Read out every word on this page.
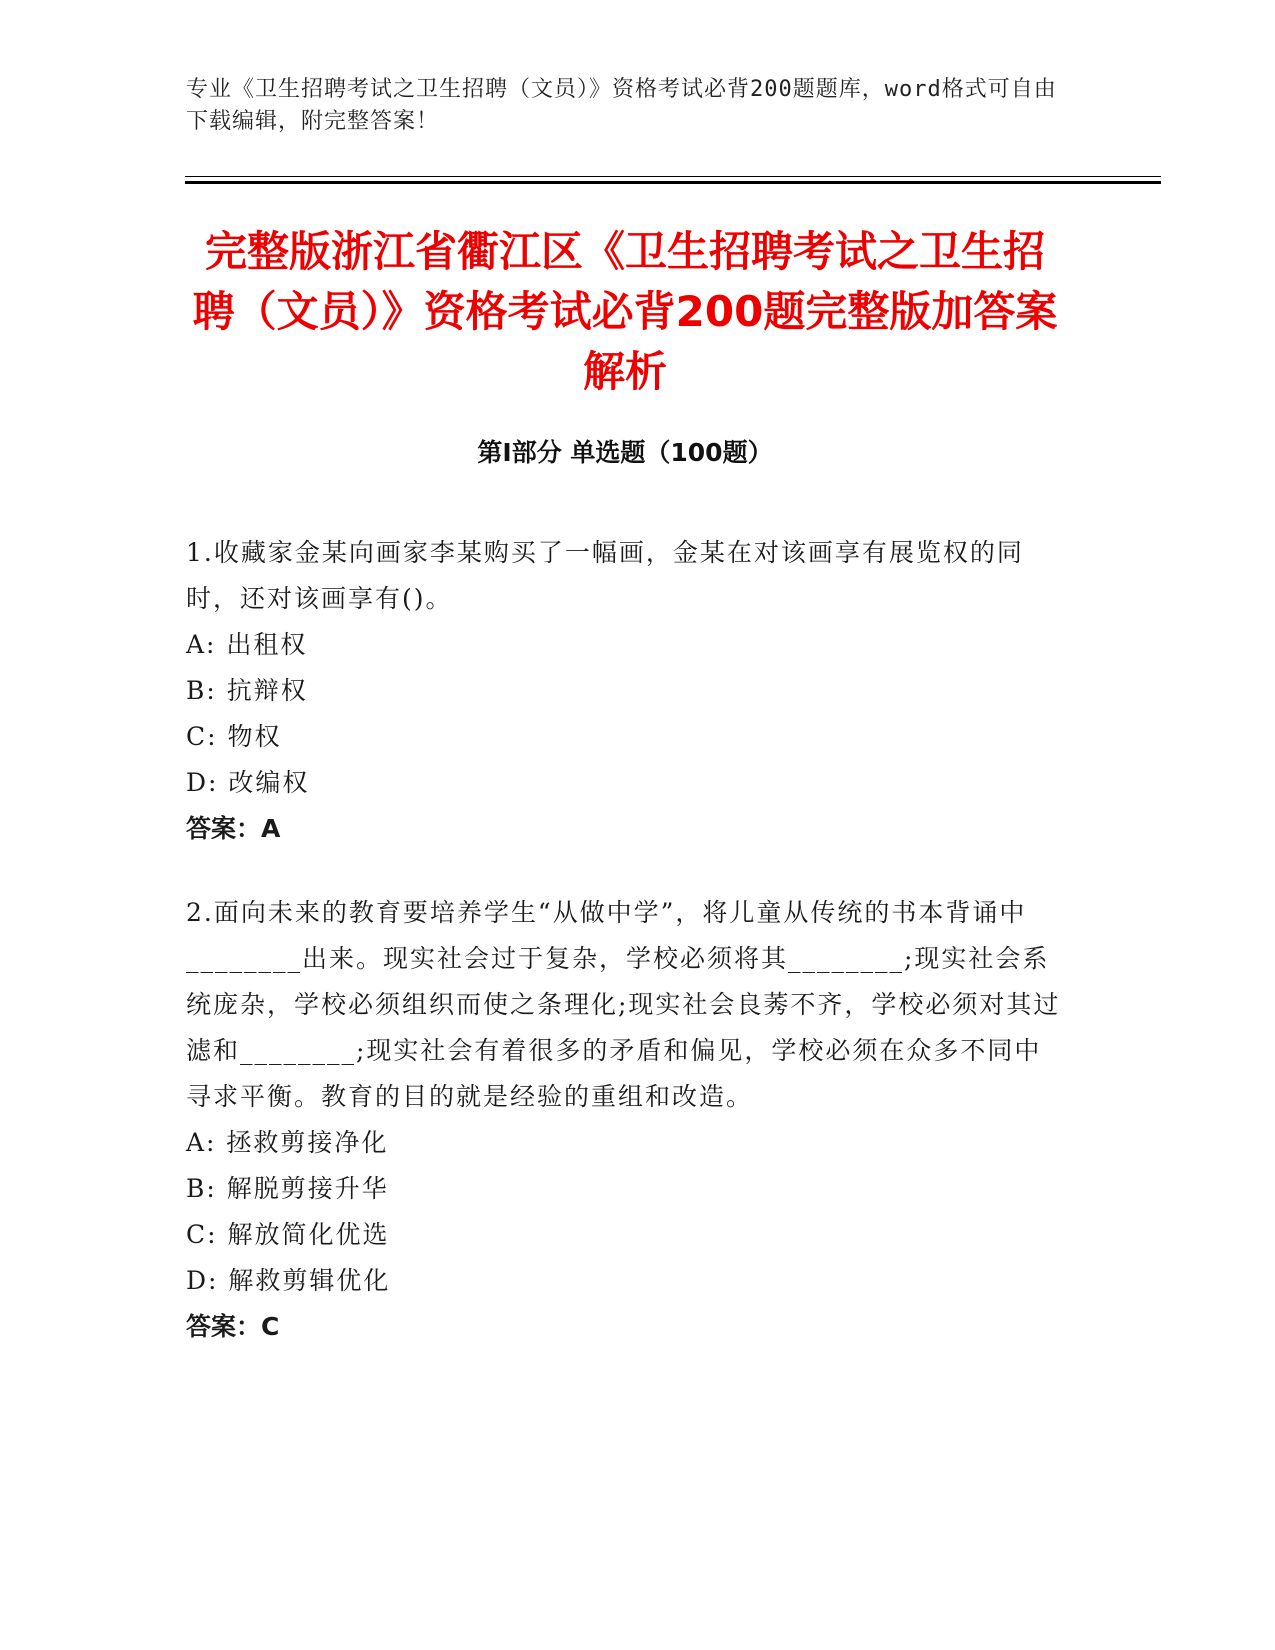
专业《卫生招聘考试之卫生招聘（文员）》资格考试必背200题题库，word格式可自由下载编辑，附完整答案！
完整版浙江省衢江区《卫生招聘考试之卫生招聘（文员）》资格考试必背200题完整版加答案解析
第Ⅰ部分 单选题（100题）

1.收藏家金某向画家李某购买了一幅画，金某在对该画享有展览权的同时，还对该画享有()。

A: 出租权

B: 抗辩权

C: 物权

D: 改编权

答案：A

2.面向未来的教育要培养学生“从做中学”，将儿童从传统的书本背诵中________出来。现实社会过于复杂，学校必须将其________;现实社会系统庞杂，学校必须组织而使之条理化;现实社会良莠不齐，学校必须对其过滤和________;现实社会有着很多的矛盾和偏见，学校必须在众多不同中寻求平衡。教育的目的就是经验的重组和改造。

A: 拯救剪接净化

B: 解脱剪接升华

C: 解放简化优选

D: 解救剪辑优化

答案：C
